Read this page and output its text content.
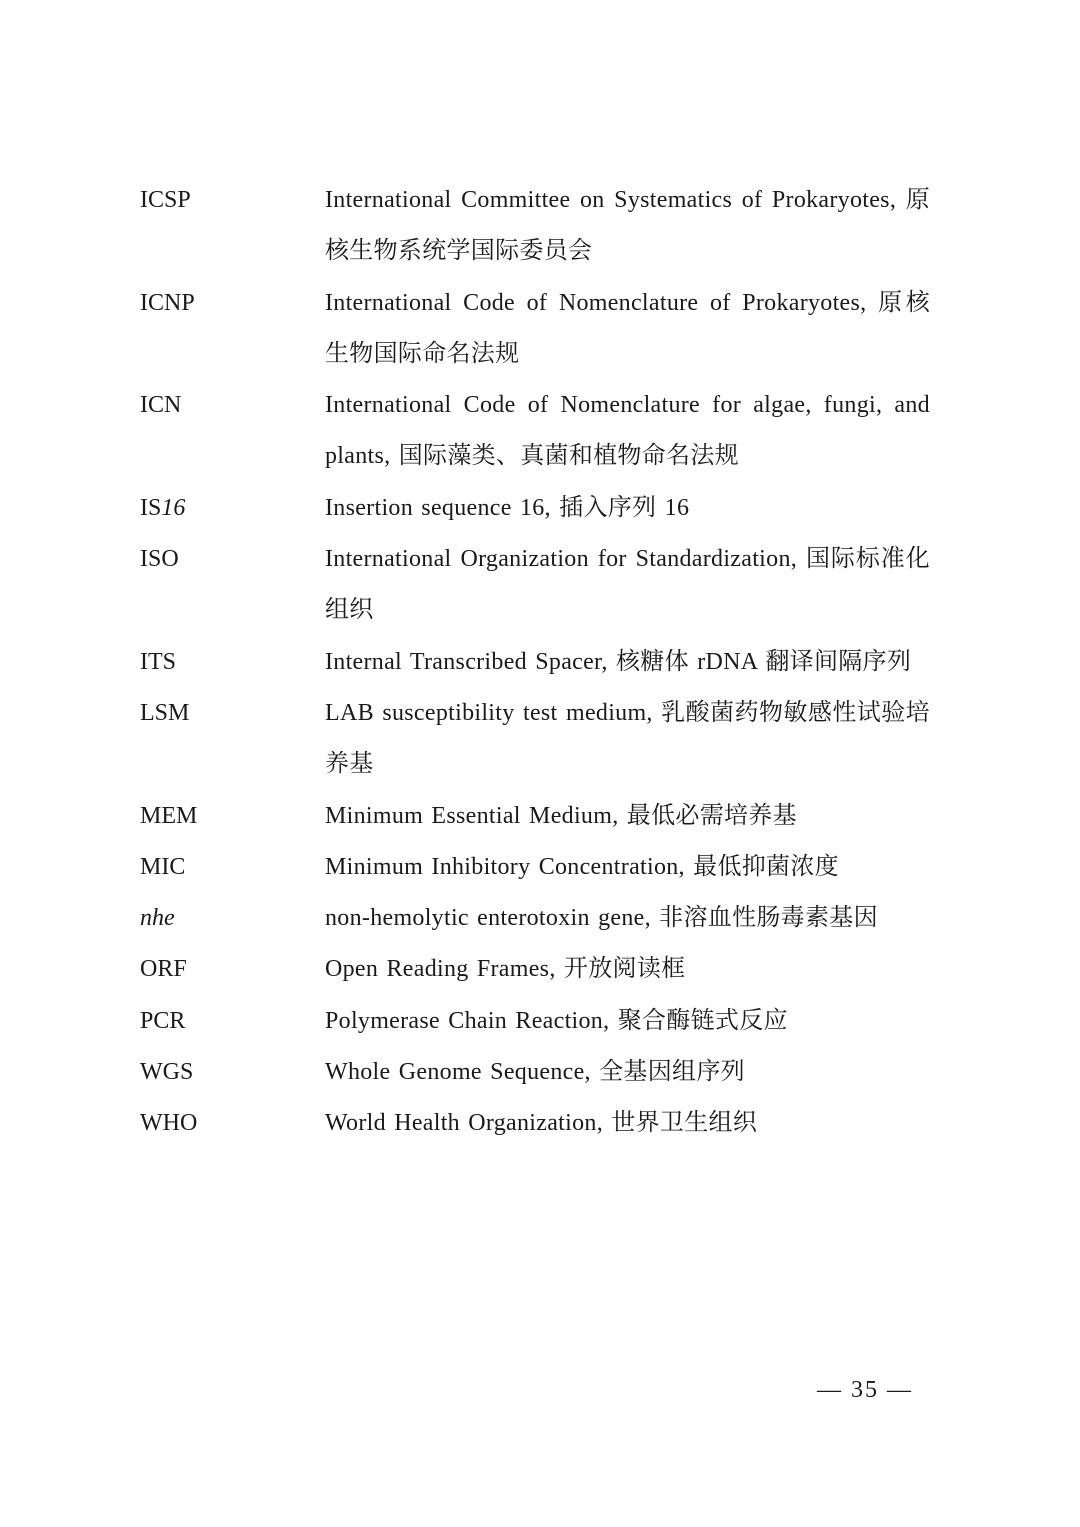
ICSP	International Committee on Systematics of Prokaryotes, 原核生物系统学国际委员会
ICNP	International Code of Nomenclature of Prokaryotes, 原核生物国际命名法规
ICN	International Code of Nomenclature for algae, fungi, and plants, 国际藻类、真菌和植物命名法规
IS16	Insertion sequence 16, 插入序列 16
ISO	International Organization for Standardization, 国际标准化组织
ITS	Internal Transcribed Spacer, 核糖体 rDNA 翻译间隔序列
LSM	LAB susceptibility test medium, 乳酸菌药物敏感性试验培养基
MEM	Minimum Essential Medium, 最低必需培养基
MIC	Minimum Inhibitory Concentration, 最低抑菌浓度
nhe	non-hemolytic enterotoxin gene, 非溶血性肠毒素基因
ORF	Open Reading Frames, 开放阅读框
PCR	Polymerase Chain Reaction, 聚合酶链式反应
WGS	Whole Genome Sequence, 全基因组序列
WHO	World Health Organization, 世界卫生组织
— 35 —
